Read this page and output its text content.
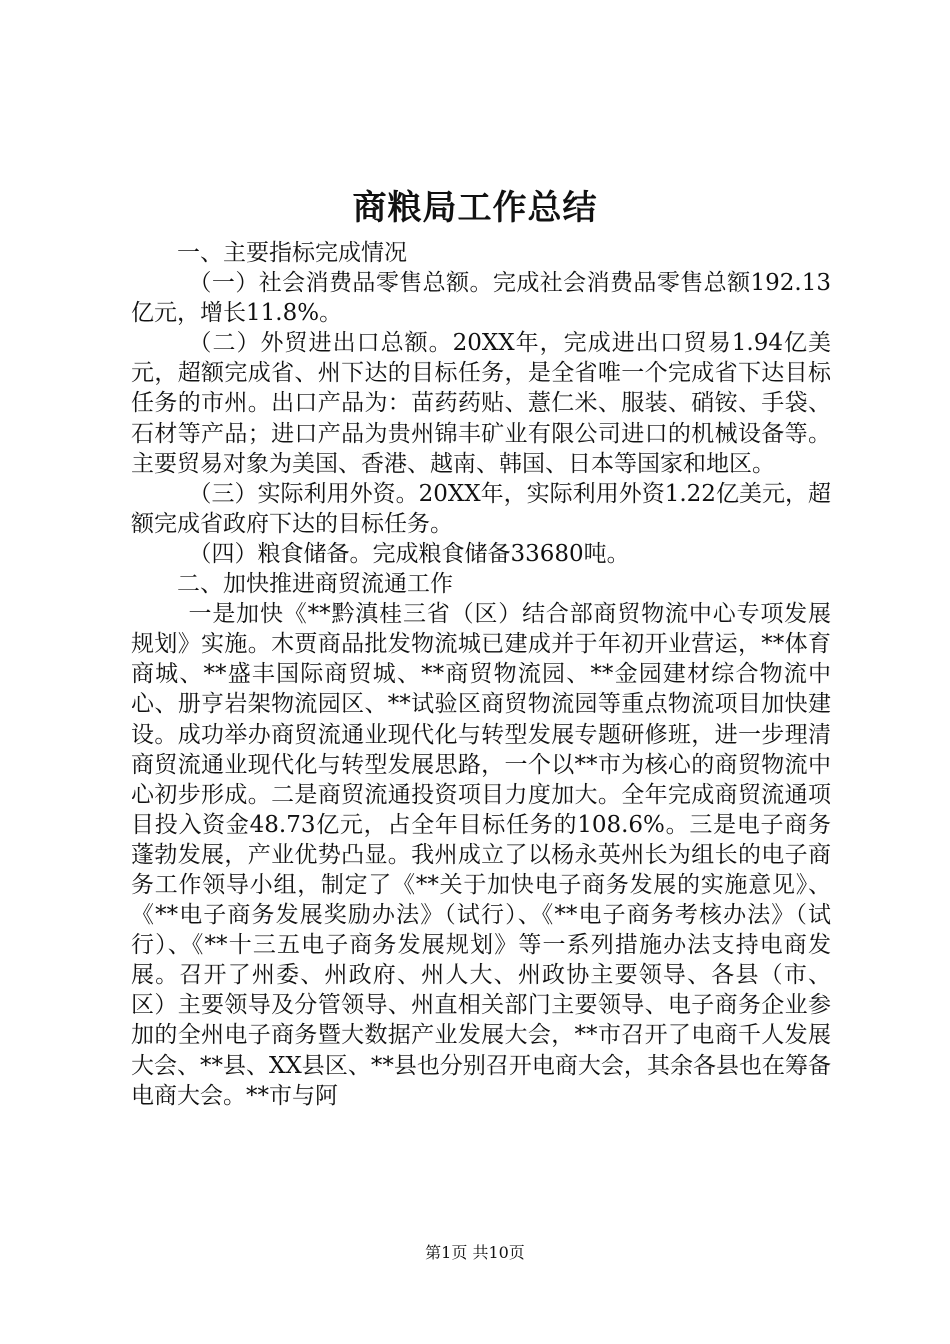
商粮局工作总结

一、主要指标完成情况

（一）社会消费品零售总额。完成社会消费品零售总额192.13亿元，增长11.8%。

（二）外贸进出口总额。20XX年，完成进出口贸易1.94亿美元，超额完成省、州下达的目标任务，是全省唯一个完成省下达目标任务的市州。出口产品为：苗药药贴、薏仁米、服装、硝铵、手袋、石材等产品；进口产品为贵州锦丰矿业有限公司进口的机械设备等。主要贸易对象为美国、香港、越南、韩国、日本等国家和地区。

（三）实际利用外资。20XX年，实际利用外资1.22亿美元，超额完成省政府下达的目标任务。

（四）粮食储备。完成粮食储备33680吨。

二、加快推进商贸流通工作

一是加快《**黔滇桂三省（区）结合部商贸物流中心专项发展规划》实施。木贾商品批发物流城已建成并于年初开业营运，**体育商城、**盛丰国际商贸城、**商贸物流园、**金园建材综合物流中心、册亨岩架物流园区、**试验区商贸物流园等重点物流项目加快建设。成功举办商贸流通业现代化与转型发展专题研修班，进一步理清商贸流通业现代化与转型发展思路，一个以**市为核心的商贸物流中心初步形成。二是商贸流通投资项目力度加大。全年完成商贸流通项目投入资金48.73亿元，占全年目标任务的108.6%。三是电子商务蓬勃发展，产业优势凸显。我州成立了以杨永英州长为组长的电子商务工作领导小组，制定了《**关于加快电子商务发展的实施意见》、《**电子商务发展奖励办法》（试行）、《**电子商务考核办法》（试行）、《**十三五电子商务发展规划》等一系列措施办法支持电商发展。召开了州委、州政府、州人大、州政协主要领导、各县（市、区）主要领导及分管领导、州直相关部门主要领导、电子商务企业参加的全州电子商务暨大数据产业发展大会，**市召开了电商千人发展大会、**县、XX县区、**县也分别召开电商大会，其余各县也在筹备电商大会。**市与阿

第1页 共10页
